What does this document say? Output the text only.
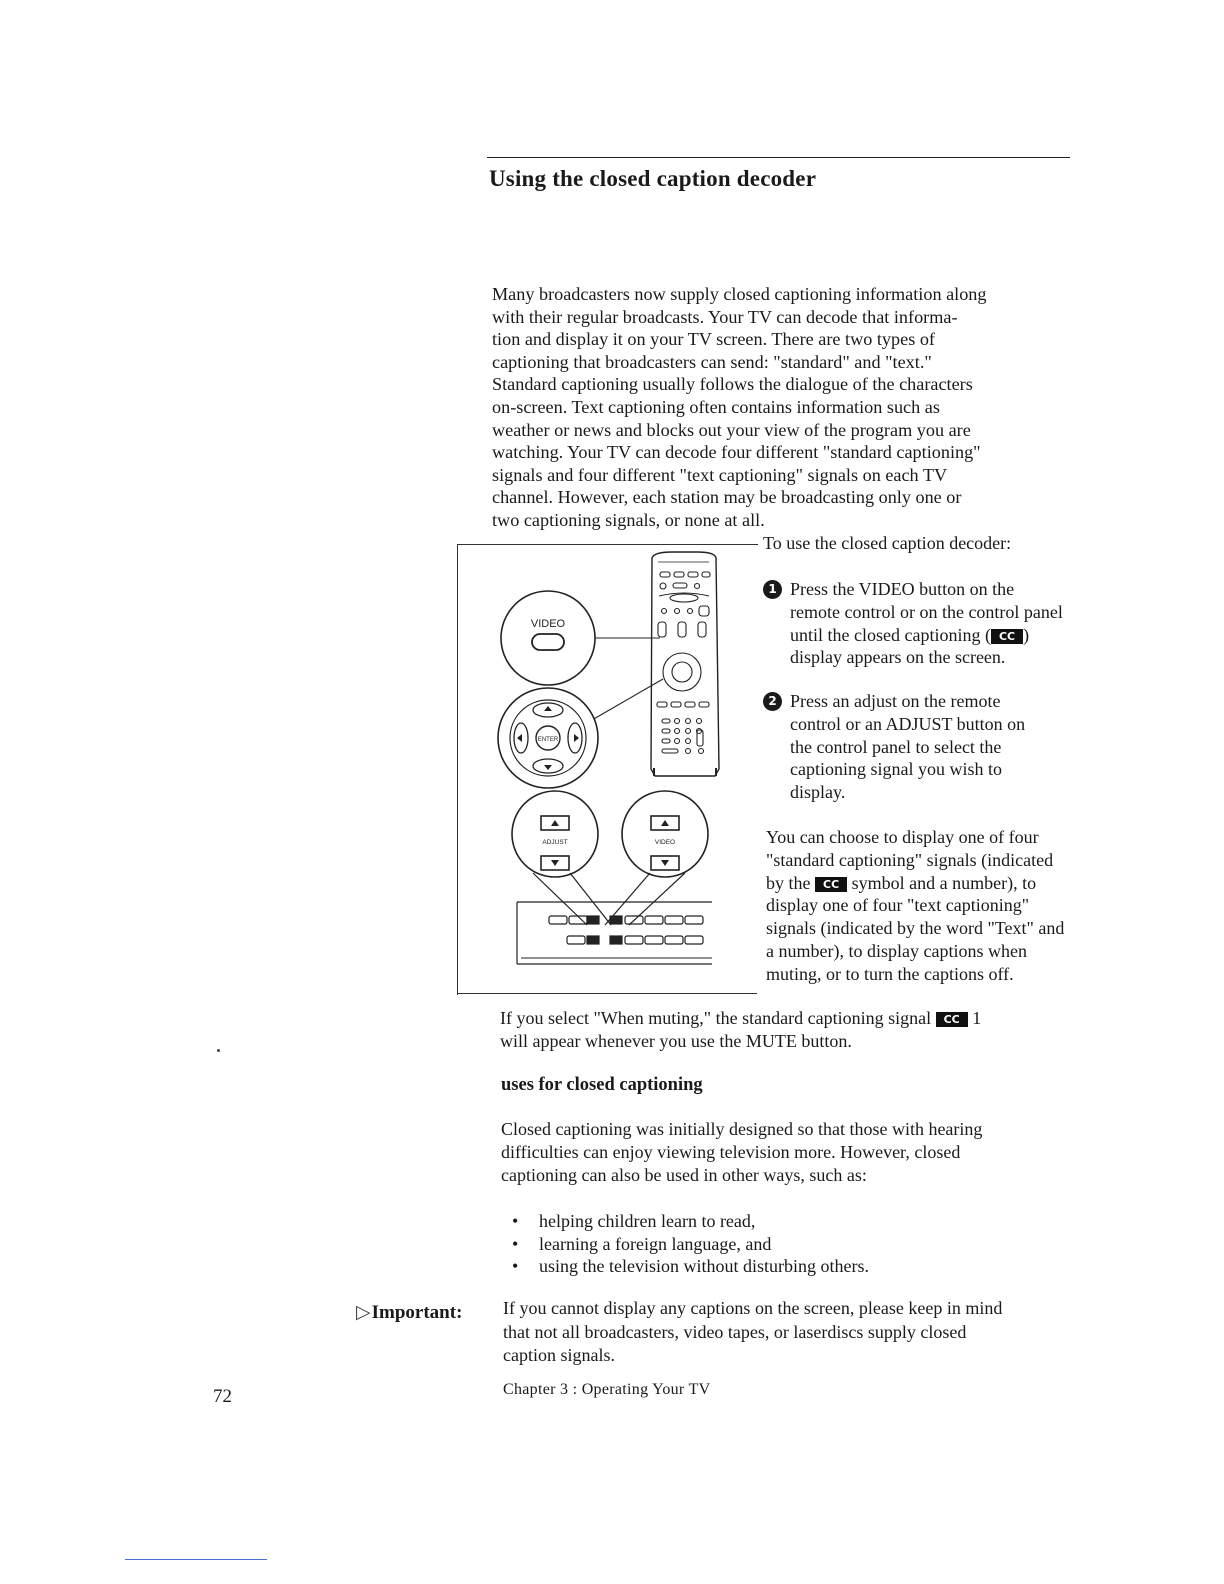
Using the closed caption decoder
Many broadcasters now supply closed captioning information along
with their regular broadcasts. Your TV can decode that informa-
tion and display it on your TV screen. There are two types of
captioning that broadcasters can send: "standard" and "text."
Standard captioning usually follows the dialogue of the characters
on-screen. Text captioning often contains information such as
weather or news and blocks out your view of the program you are
watching. Your TV can decode four different "standard captioning"
signals and four different "text captioning" signals on each TV
channel. However, each station may be broadcasting only one or
two captioning signals, or none at all.
To use the closed caption decoder:
VIDEO
ENTER
ADJUST	VIDEO
1 Press the VIDEO button on the
remote control or on the control panel
until the closed captioning ( CC )
display appears on the screen.
2 Press an adjust on the remote
control or an ADJUST button on
the control panel to select the
captioning signal you wish to
display.
You can choose to display one of four
"standard captioning" signals (indicated
by the CC symbol and a number), to
display one of four "text captioning"
signals (indicated by the word "Text" and
a number), to display captions when
muting, or to turn the captions off.
If you select "When muting," the standard captioning signal CC 1
will appear whenever you use the MUTE button.
uses for closed captioning
Closed captioning was initially designed so that those with hearing
difficulties can enjoy viewing television more. However, closed
captioning can also be used in other ways, such as:
• helping children learn to read,
• learning a foreign language, and
• using the television without disturbing others.
▷Important: If you cannot display any captions on the screen, please keep in mind
that not all broadcasters, video tapes, or laserdiscs supply closed
caption signals.
72	Chapter 3 : Operating Your TV
